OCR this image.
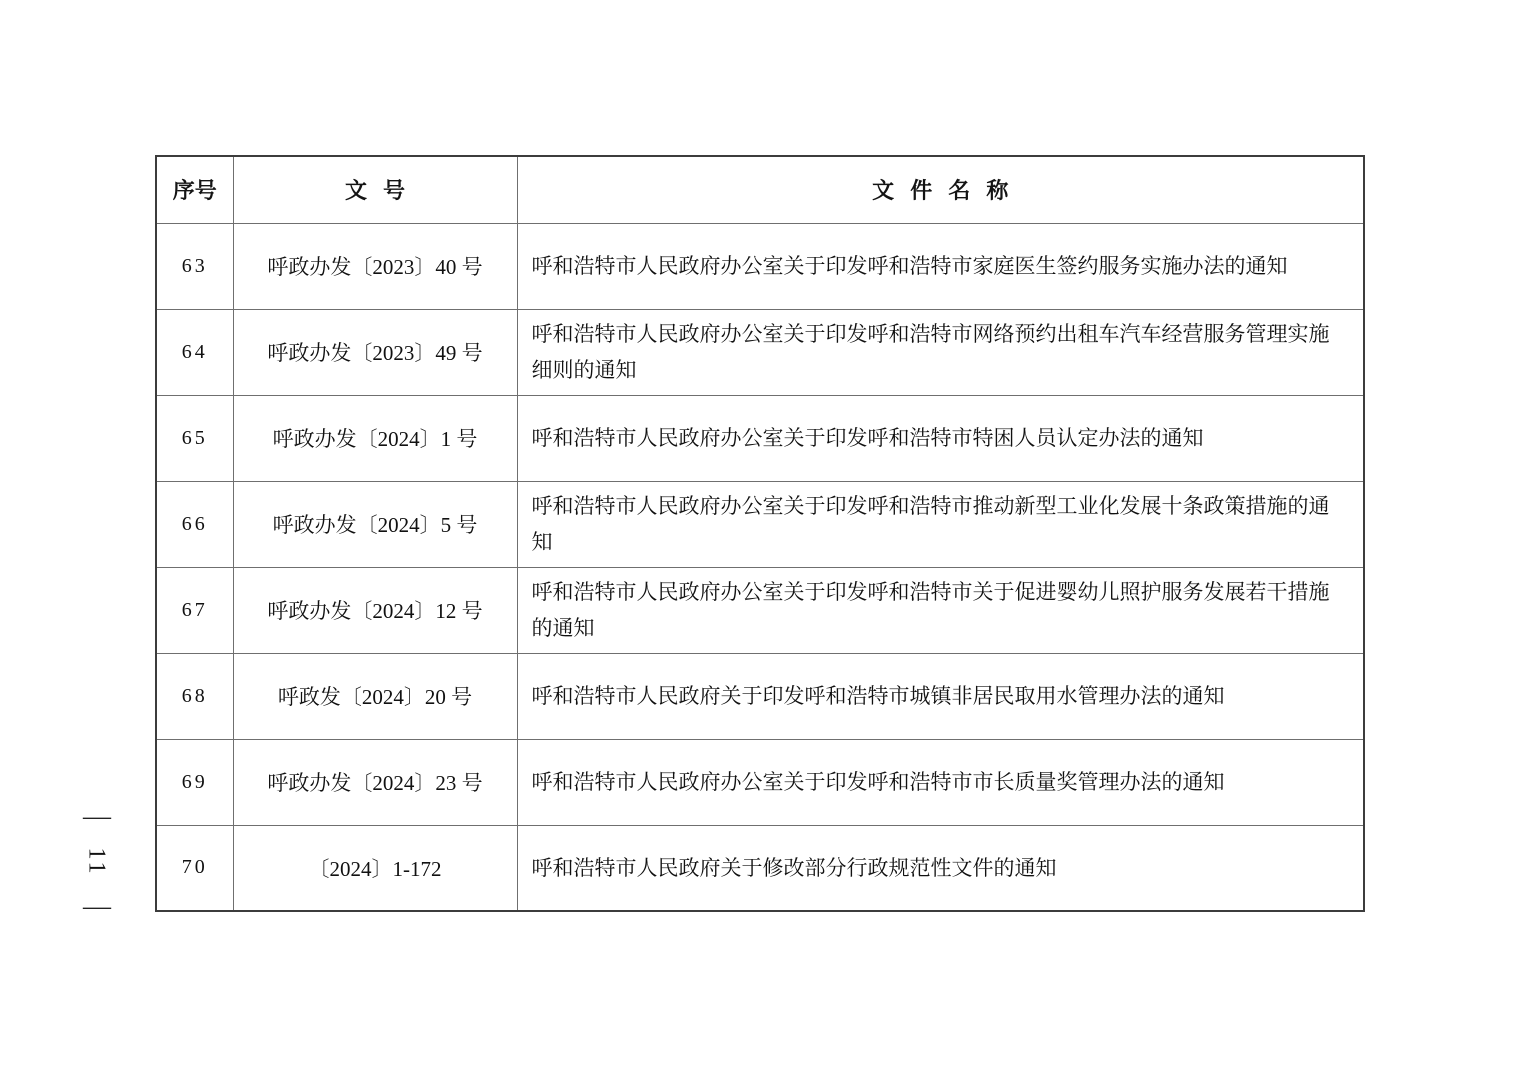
—
11
—
序号	文 号	文 件 名 称
63	呼政办发〔2023〕40 号	呼和浩特市人民政府办公室关于印发呼和浩特市家庭医生签约服务实施办法的通知
64	呼政办发〔2023〕49 号	呼和浩特市人民政府办公室关于印发呼和浩特市网络预约出租车汽车经营服务管理实施细则的通知
65	呼政办发〔2024〕1 号	呼和浩特市人民政府办公室关于印发呼和浩特市特困人员认定办法的通知
66	呼政办发〔2024〕5 号	呼和浩特市人民政府办公室关于印发呼和浩特市推动新型工业化发展十条政策措施的通知
67	呼政办发〔2024〕12 号	呼和浩特市人民政府办公室关于印发呼和浩特市关于促进婴幼儿照护服务发展若干措施的通知
68	呼政发〔2024〕20 号	呼和浩特市人民政府关于印发呼和浩特市城镇非居民取用水管理办法的通知
69	呼政办发〔2024〕23 号	呼和浩特市人民政府办公室关于印发呼和浩特市市长质量奖管理办法的通知
70	〔2024〕1-172	呼和浩特市人民政府关于修改部分行政规范性文件的通知
